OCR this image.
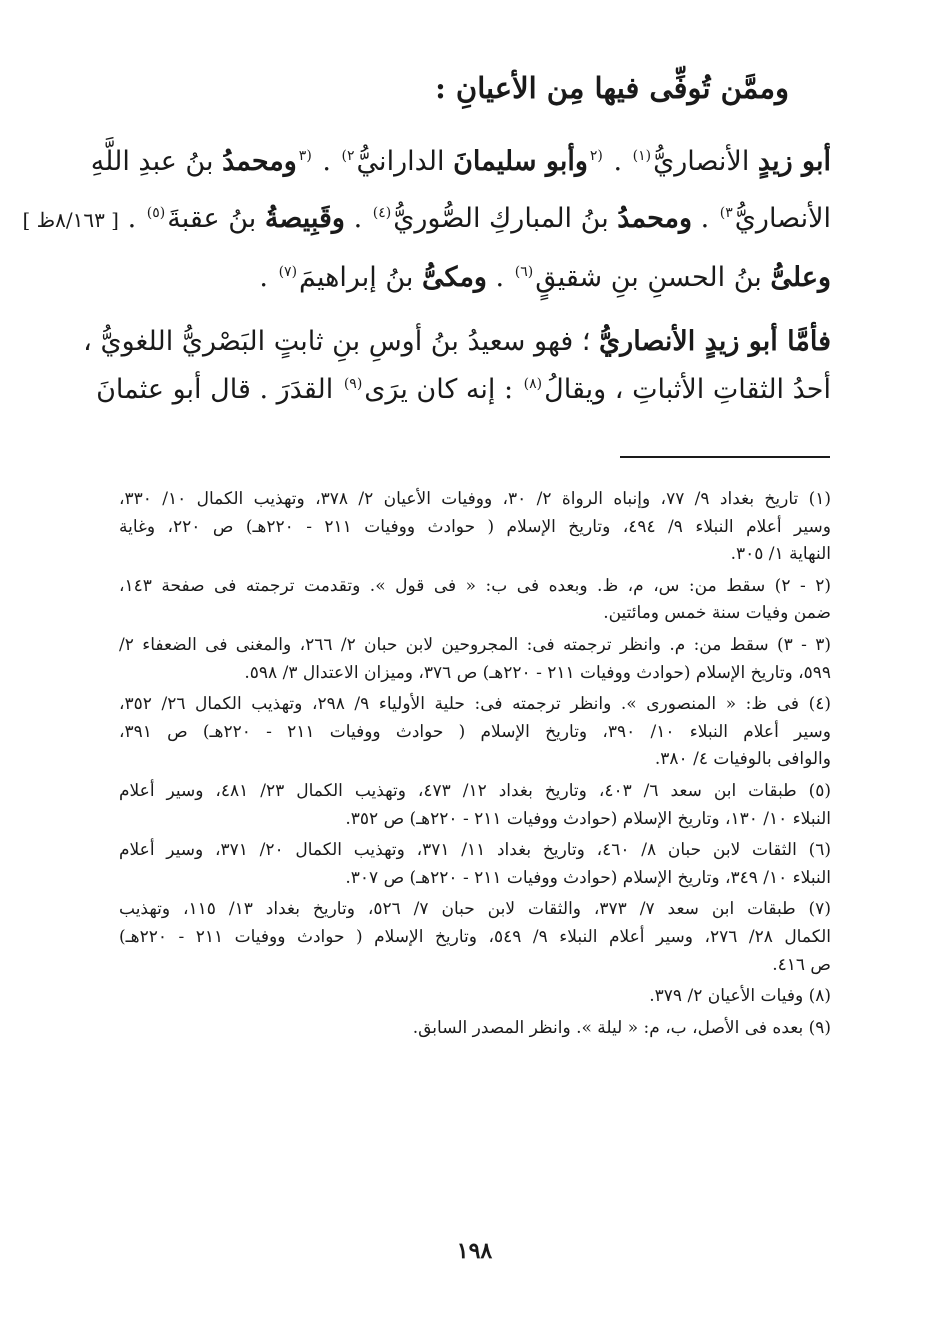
وممَّن تُوفِّى فيها مِن الأعيانِ :
أبو زيدٍ الأنصاريُّ$^{(١)}$ . $^{(٢}$وأبو سليمانَ الدارانيُّ$^{٢)}$ . $^{(٣}$ومحمدُ بنُ عبدِ اللَّهِ
الأنصاريُّ$^{٣)}$ . ومحمدُ بنُ المباركِ الصُّوريُّ$^{(٤)}$ . وقَبِيصةُ بنُ عقبةَ$^{(٥)}$ . [ ٨/١٦٣ظ ]
وعلىُّ بنُ الحسنِ بنِ شقيقٍ$^{(٦)}$ . ومكىُّ بنُ إبراهيمَ$^{(٧)}$ .
فأمَّا أبو زيدٍ الأنصاريُّ ؛ فهو سعيدُ بنُ أوسِ بنِ ثابتٍ البَصْريُّ اللغويُّ ،
أحدُ الثقاتِ الأثباتِ ، ويقالُ$^{(٨)}$ : إنه كان يرَى$^{(٩)}$ القدَرَ . قال أبو عثمانَ
(١) تاريخ بغداد ٩/ ٧٧، وإنباه الرواة ٢/ ٣٠، ووفيات الأعيان ٢/ ٣٧٨، وتهذيب الكمال ١٠/ ٣٣٠،
وسير أعلام النبلاء ٩/ ٤٩٤، وتاريخ الإسلام ( حوادث ووفيات ٢١١ - ٢٢٠هـ) ص ٢٢٠، وغاية
النهاية ١/ ٣٠٥.
(٢ - ٢) سقط من: س، م، ظ. وبعده فى ب: « فى قول ». وتقدمت ترجمته فى صفحة ١٤٣،
ضمن وفيات سنة خمس ومائتين.
(٣ - ٣) سقط من: م. وانظر ترجمته فى: المجروحين لابن حبان ٢/ ٢٦٦، والمغنى فى الضعفاء ٢/
٥٩٩، وتاريخ الإسلام (حوادث ووفيات ٢١١ - ٢٢٠هـ) ص ٣٧٦، وميزان الاعتدال ٣/ ٥٩٨.
(٤) فى ظ: « المنصورى ». وانظر ترجمته فى: حلية الأولياء ٩/ ٢٩٨، وتهذيب الكمال ٢٦/ ٣٥٢،
وسير أعلام النبلاء ١٠/ ٣٩٠، وتاريخ الإسلام ( حوادث ووفيات ٢١١ - ٢٢٠هـ) ص ٣٩١،
والوافى بالوفيات ٤/ ٣٨٠.
(٥) طبقات ابن سعد ٦/ ٤٠٣، وتاريخ بغداد ١٢/ ٤٧٣، وتهذيب الكمال ٢٣/ ٤٨١، وسير أعلام
النبلاء ١٠/ ١٣٠، وتاريخ الإسلام (حوادث ووفيات ٢١١ - ٢٢٠هـ) ص ٣٥٢.
(٦) الثقات لابن حبان ٨/ ٤٦٠، وتاريخ بغداد ١١/ ٣٧١، وتهذيب الكمال ٢٠/ ٣٧١، وسير أعلام
النبلاء ١٠/ ٣٤٩، وتاريخ الإسلام (حوادث ووفيات ٢١١ - ٢٢٠هـ) ص ٣٠٧.
(٧) طبقات ابن سعد ٧/ ٣٧٣، والثقات لابن حبان ٧/ ٥٢٦، وتاريخ بغداد ١٣/ ١١٥، وتهذيب
الكمال ٢٨/ ٢٧٦، وسير أعلام النبلاء ٩/ ٥٤٩، وتاريخ الإسلام ( حوادث ووفيات ٢١١ - ٢٢٠هـ)
ص ٤١٦.
(٨) وفيات الأعيان ٢/ ٣٧٩.
(٩) بعده فى الأصل، ب، م: « ليلة ». وانظر المصدر السابق.
١٩٨
